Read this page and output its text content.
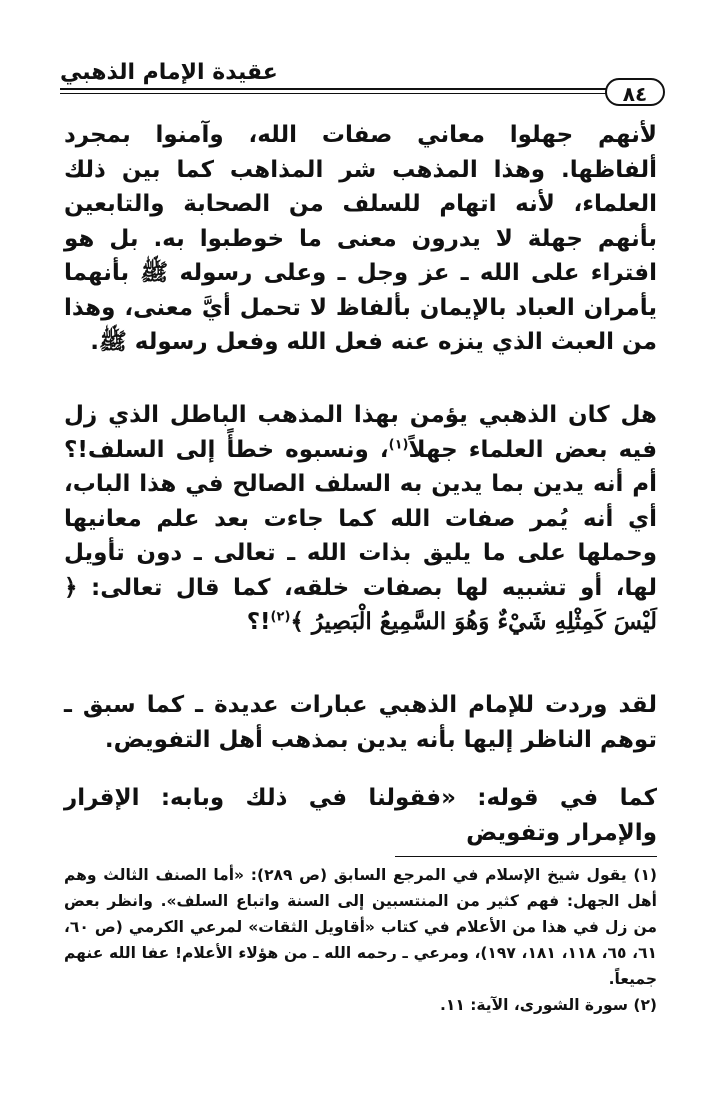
عقيدة الإمام الذهبي
٨٤
لأنهم جهلوا معاني صفات الله، وآمنوا بمجرد ألفاظها. وهذا المذهب شر المذاهب كما بين ذلك العلماء، لأنه اتهام للسلف من الصحابة والتابعين بأنهم جهلة لا يدرون معنى ما خوطبوا به. بل هو افتراء على الله ـ عز وجل ـ وعلى رسوله ﷺ بأنهما يأمران العباد بالإيمان بألفاظ لا تحمل أيَّ معنى، وهذا من العبث الذي ينزه عنه فعل الله وفعل رسوله ﷺ.
هل كان الذهبي يؤمن بهذا المذهب الباطل الذي زل فيه بعض العلماء جهلاً$^{(١)}$، ونسبوه خطأً إلى السلف!؟ أم أنه يدين بما يدين به السلف الصالح في هذا الباب، أي أنه يُمر صفات الله كما جاءت بعد علم معانيها وحملها على ما يليق بذات الله ـ تعالى ـ دون تأويل لها، أو تشبيه لها بصفات خلقه، كما قال تعالى: ﴿ لَيْسَ كَمِثْلِهِ شَيْءٌ وَهُوَ السَّمِيعُ الْبَصِيرُ ﴾$^{(٢)}$!؟
لقد وردت للإمام الذهبي عبارات عديدة ـ كما سبق ـ توهم الناظر إليها بأنه يدين بمذهب أهل التفويض.
كما في قوله: «فقولنا في ذلك وبابه: الإقرار والإمرار وتفويض

(١) يقول شيخ الإسلام في المرجع السابق (ص ٢٨٩): «أما الصنف الثالث وهم أهل الجهل: فهم كثير من المنتسبين إلى السنة واتباع السلف». وانظر بعض من زل في هذا من الأعلام في كتاب «أقاويل الثقات» لمرعي الكرمي (ص ٦٠، ٦١، ٦٥، ١١٨، ١٨١، ١٩٧)، ومرعي ـ رحمه الله ـ من هؤلاء الأعلام! عفا الله عنهم جميعاً.

(٢) سورة الشورى، الآية: ١١.
